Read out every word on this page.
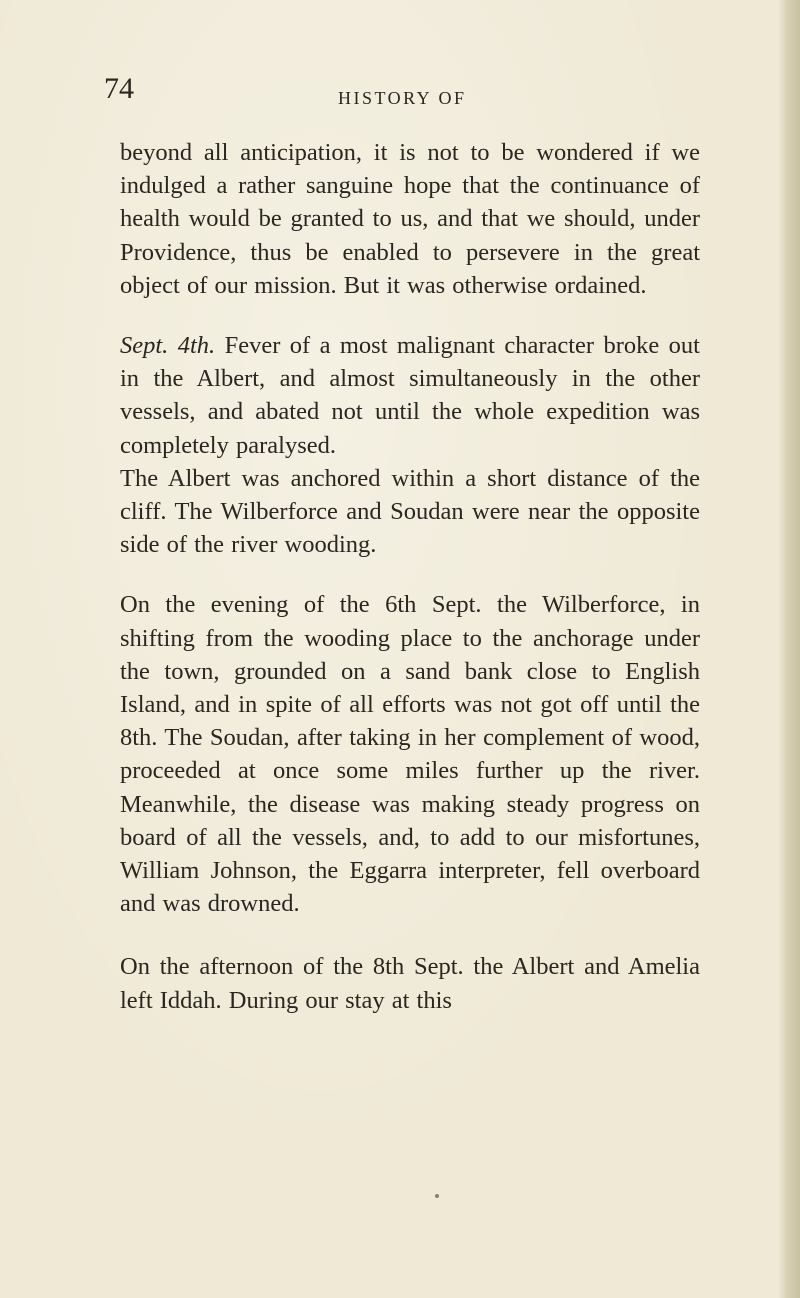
74	HISTORY OF

beyond all anticipation, it is not to be wondered if we indulged a rather sanguine hope that the continuance of health would be granted to us, and that we should, under Providence, thus be enabled to persevere in the great object of our mission. But it was otherwise ordained.

Sept. 4th. Fever of a most malignant character broke out in the Albert, and almost simultaneously in the other vessels, and abated not until the whole expedition was completely paralysed.

The Albert was anchored within a short distance of the cliff. The Wilberforce and Soudan were near the opposite side of the river wooding.

On the evening of the 6th Sept. the Wilberforce, in shifting from the wooding place to the anchorage under the town, grounded on a sand bank close to English Island, and in spite of all efforts was not got off until the 8th. The Soudan, after taking in her complement of wood, proceeded at once some miles further up the river. Meanwhile, the disease was making steady progress on board of all the vessels, and, to add to our misfortunes, William Johnson, the Eggarra interpreter, fell overboard and was drowned.

On the afternoon of the 8th Sept. the Albert and Amelia left Iddah. During our stay at this
